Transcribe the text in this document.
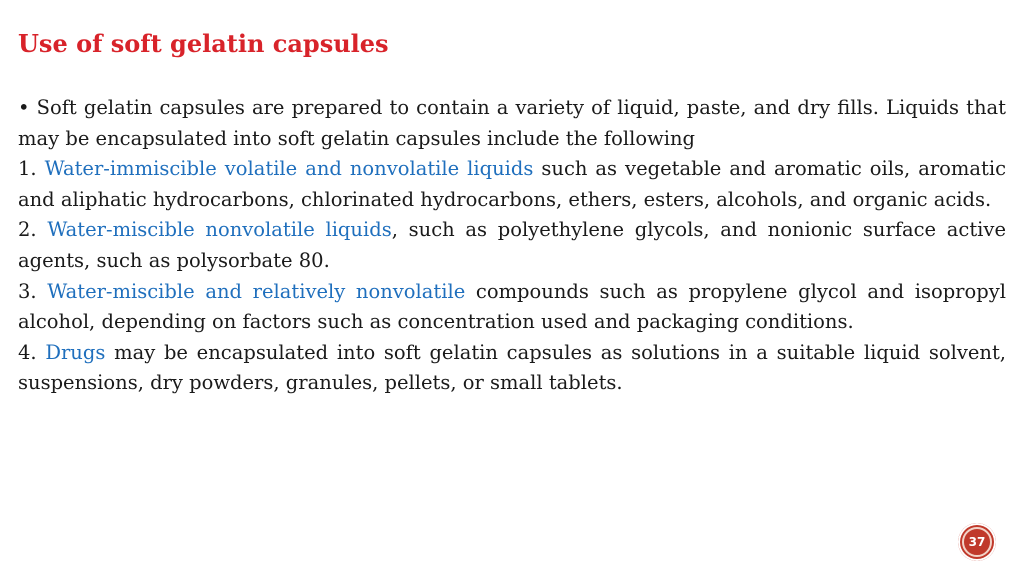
Use of soft gelatin capsules

• Soft gelatin capsules are prepared to contain a variety of liquid, paste, and dry fills. Liquids that may be encapsulated into soft gelatin capsules include the following

1. Water-immiscible volatile and nonvolatile liquids such as vegetable and aromatic oils, aromatic and aliphatic hydrocarbons, chlorinated hydrocarbons, ethers, esters, alcohols, and organic acids.

2. Water-miscible nonvolatile liquids, such as polyethylene glycols, and nonionic surface active agents, such as polysorbate 80.

3. Water-miscible and relatively nonvolatile compounds such as propylene glycol and isopropyl alcohol, depending on factors such as concentration used and packaging conditions.

4. Drugs may be encapsulated into soft gelatin capsules as solutions in a suitable liquid solvent, suspensions, dry powders, granules, pellets, or small tablets.

37
